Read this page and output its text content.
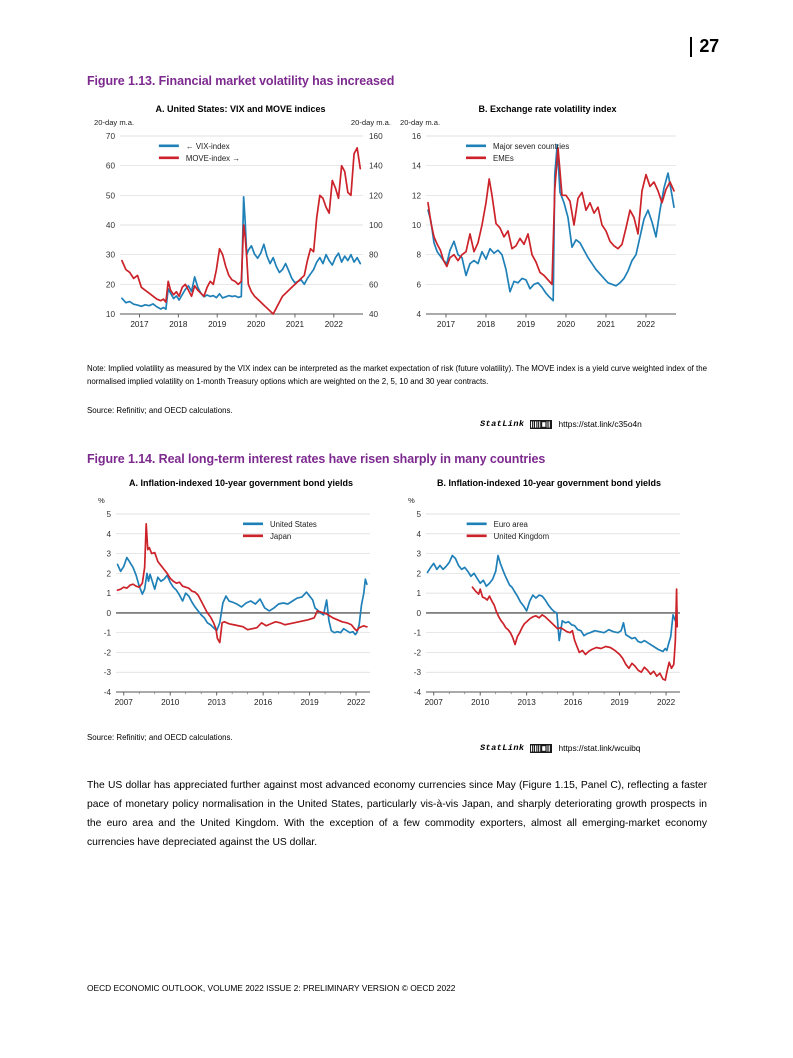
27
Figure 1.13. Financial market volatility has increased
A. United States: VIX and MOVE indices	B. Exchange rate volatility index
20-day m.a.	20-day m.a.
10
20
30
40
50
60
70
40
60
80
100
120
140
160
2017	2018	2019	2020	2021	2022
← VIX-index
MOVE-index →
20-day m.a.
4
6
8
10
12
14
16
2017	2018	2019	2020	2021	2022
Major seven countries
EMEs
Note: Implied volatility as measured by the VIX index can be interpreted as the market expectation of risk (future volatility). The MOVE index is a yield curve weighted index of the normalised implied volatility on 1-month Treasury options which are weighted on the 2, 5, 10 and 30 year contracts.
Source: Refinitiv; and OECD calculations.
StatLink	https://stat.link/c35o4n
Figure 1.14. Real long-term interest rates have risen sharply in many countries
A. Inflation-indexed 10-year government bond yields	B. Inflation-indexed 10-year government bond yields
%
-4
-3
-2
-1
0
1
2
3
4
5
2007	2010	2013	2016	2019	2022
United States
Japan
%
-4
-3
-2
-1
0
1
2
3
4
5
2007	2010	2013	2016	2019	2022
Euro area
United Kingdom
Source: Refinitiv; and OECD calculations.
StatLink	https://stat.link/wcuibq
The US dollar has appreciated further against most advanced economy currencies since May (Figure 1.15, Panel C), reflecting a faster pace of monetary policy normalisation in the United States, particularly vis-à-vis Japan, and sharply deteriorating growth prospects in the euro area and the United Kingdom. With the exception of a few commodity exporters, almost all emerging-market economy currencies have depreciated against the US dollar.
OECD ECONOMIC OUTLOOK, VOLUME 2022 ISSUE 2: PRELIMINARY VERSION © OECD 2022
